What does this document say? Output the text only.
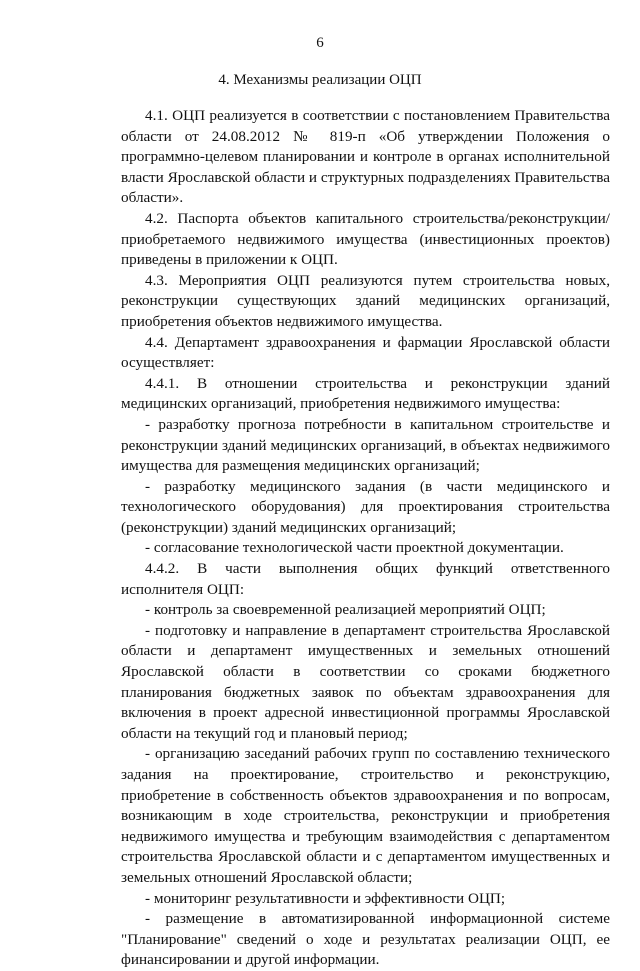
6
4. Механизмы реализации ОЦП

4.1. ОЦП реализуется в соответствии с постановлением Правительства области от 24.08.2012 № 819-п «Об утверждении Положения о программно-целевом планировании и контроле в органах исполнительной власти Ярославской области и структурных подразделениях Правительства области».

4.2. Паспорта объектов капитального строительства/реконструкции/ приобретаемого недвижимого имущества (инвестиционных проектов) приведены в приложении к ОЦП.

4.3. Мероприятия ОЦП реализуются путем строительства новых, реконструкции существующих зданий медицинских организаций, приобретения объектов недвижимого имущества.

4.4. Департамент здравоохранения и фармации Ярославской области осуществляет:

4.4.1. В отношении строительства и реконструкции зданий медицинских организаций, приобретения недвижимого имущества:

- разработку прогноза потребности в капитальном строительстве и реконструкции зданий медицинских организаций, в объектах недвижимого имущества для размещения медицинских организаций;

- разработку медицинского задания (в части медицинского и технологического оборудования) для проектирования строительства (реконструкции) зданий медицинских организаций;

- согласование технологической части проектной документации.

4.4.2. В части выполнения общих функций ответственного исполнителя ОЦП:

- контроль за своевременной реализацией мероприятий ОЦП;

- подготовку и направление в департамент строительства Ярославской области и департамент имущественных и земельных отношений Ярославской области в соответствии со сроками бюджетного планирования бюджетных заявок по объектам здравоохранения для включения в проект адресной инвестиционной программы Ярославской области на текущий год и плановый период;

- организацию заседаний рабочих групп по составлению технического задания на проектирование, строительство и реконструкцию, приобретение в собственность объектов здравоохранения и по вопросам, возникающим в ходе строительства, реконструкции и приобретения недвижимого имущества и требующим взаимодействия с департаментом строительства Ярославской области и с департаментом имущественных и земельных отношений Ярославской области;

- мониторинг результативности и эффективности ОЦП;

- размещение в автоматизированной информационной системе "Планирование" сведений о ходе и результатах реализации ОЦП, ее финансировании и другой информации.
